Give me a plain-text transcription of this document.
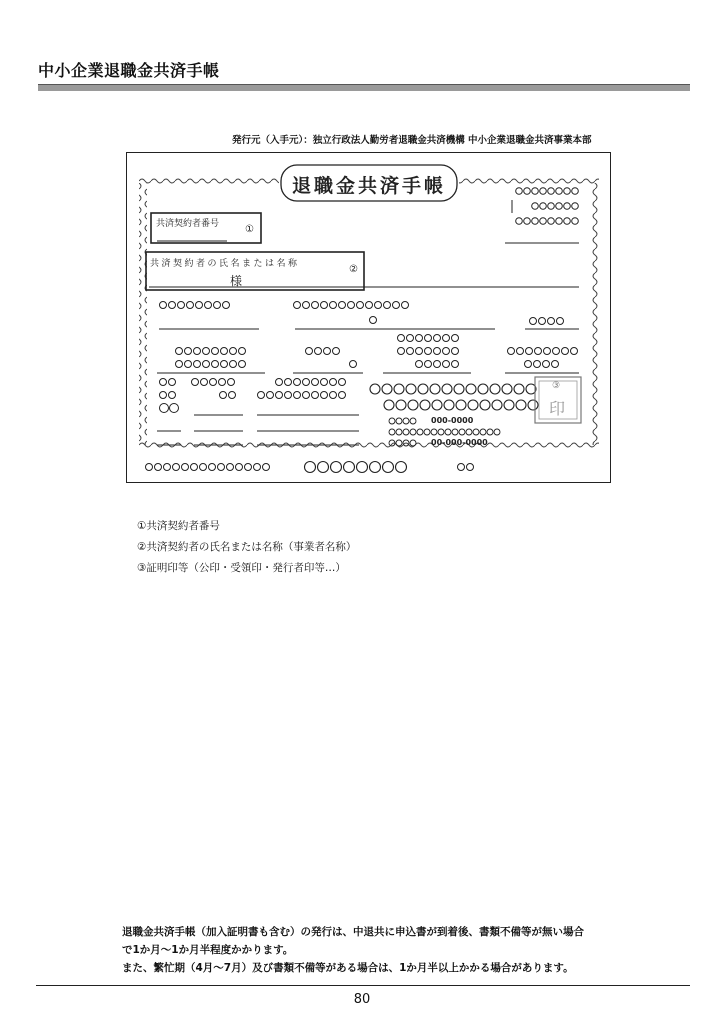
中小企業退職金共済手帳
発行元（入手元）：独立行政法人勤労者退職金共済機構 中小企業退職金共済事業本部
退職金共済手帳
共済契約者番号	①
共済契約者の氏名または名称	②
様
③
印
000-0000
00-000-0000
①共済契約者番号
②共済契約者の氏名または名称（事業者名称）
③証明印等（公印・受領印・発行者印等…）
退職金共済手帳（加入証明書も含む）の発行は、中退共に申込書が到着後、書類不備等が無い場合
で1か月〜1か月半程度かかります。
また、繁忙期（4月〜7月）及び書類不備等がある場合は、1か月半以上かかる場合があります。
80
